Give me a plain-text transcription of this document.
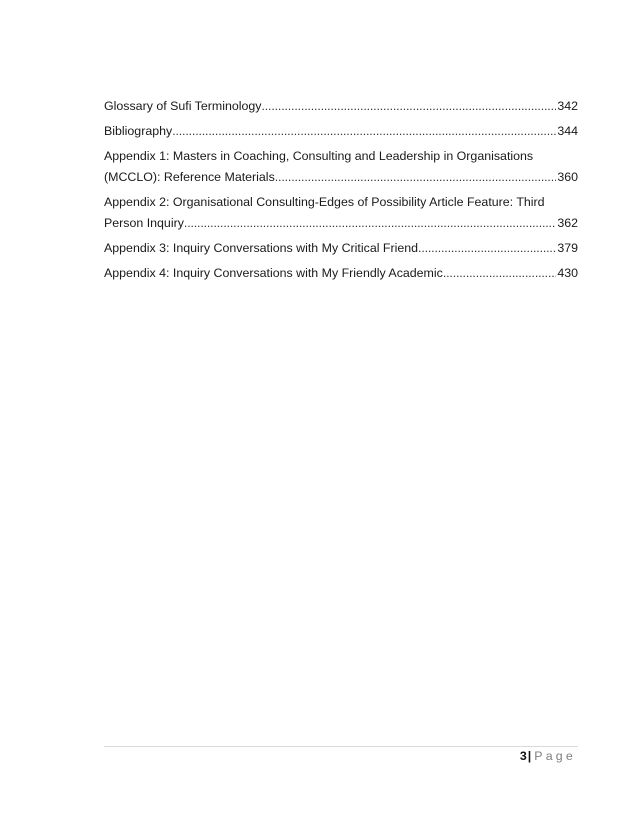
Glossary of Sufi Terminology . . .	342
Bibliography . . .	344
Appendix 1: Masters in Coaching, Consulting and Leadership in Organisations
(MCCLO): Reference Materials . . .	360
Appendix 2: Organisational Consulting-Edges of Possibility Article Feature: Third
Person Inquiry . . .	362
Appendix 3: Inquiry Conversations with My Critical Friend . . .	379
Appendix 4: Inquiry Conversations with My Friendly Academic . . .	430
3 | Page
